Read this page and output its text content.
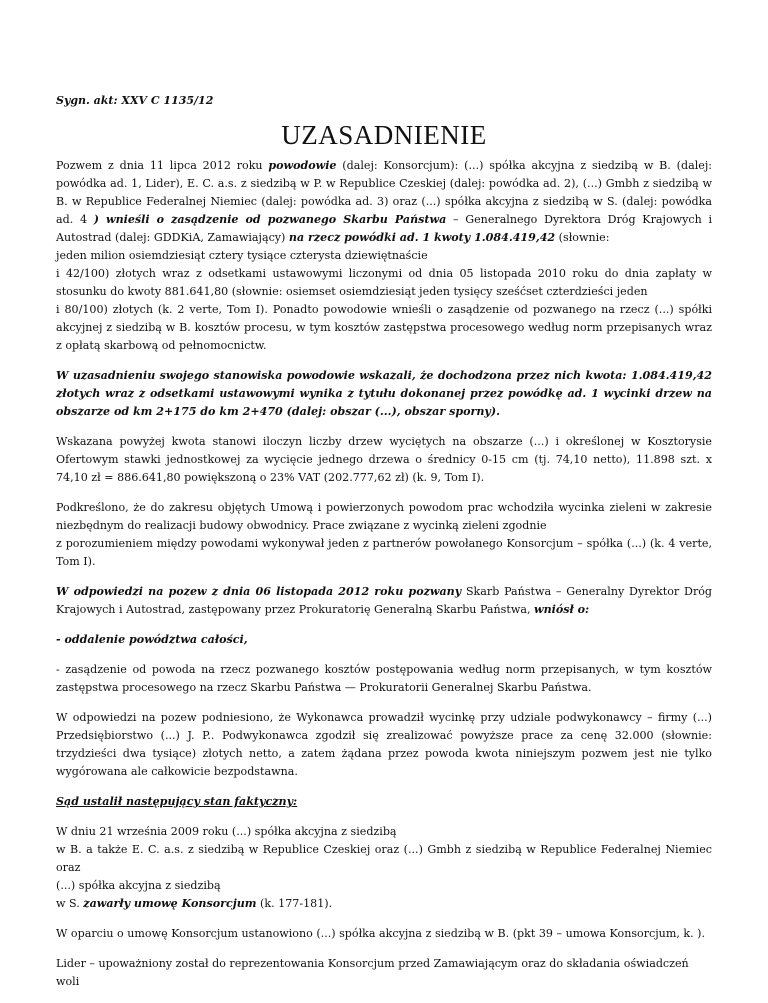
Sygn. akt: XXV C 1135/12
UZASADNIENIE

Pozwem z dnia 11 lipca 2012 roku powodowie (dalej: Konsorcjum): (...) spółka akcyjna z siedzibą w B. (dalej: powódka ad. 1, Lider), E. C. a.s. z siedzibą w P. w Republice Czeskiej (dalej: powódka ad. 2), (...) Gmbh z siedzibą w B. w Republice Federalnej Niemiec (dalej: powódka ad. 3) oraz (...) spółka akcyjna z siedzibą w S. (dalej: powódka ad. 4 ) wnieśli o zasądzenie od pozwanego Skarbu Państwa – Generalnego Dyrektora Dróg Krajowych i Autostrad (dalej: GDDKiA, Zamawiający) na rzecz powódki ad. 1 kwoty 1.084.419,42 (słownie:
jeden milion osiemdziesiąt cztery tysiące czterysta dziewiętnaście
i 42/100) złotych wraz z odsetkami ustawowymi liczonymi od dnia 05 listopada 2010 roku do dnia zapłaty w stosunku do kwoty 881.641,80 (słownie: osiemset osiemdziesiąt jeden tysięcy sześćset czterdzieści jeden
i 80/100) złotych (k. 2 verte, Tom I). Ponadto powodowie wnieśli o zasądzenie od pozwanego na rzecz (...) spółki akcyjnej z siedzibą w B. kosztów procesu, w tym kosztów zastępstwa procesowego według norm przepisanych wraz z opłatą skarbową od pełnomocnictw.

W uzasadnieniu swojego stanowiska powodowie wskazali, że dochodzona przez nich kwota: 1.084.419,42 złotych wraz z odsetkami ustawowymi wynika z tytułu dokonanej przez powódkę ad. 1 wycinki drzew na obszarze od km 2+175 do km 2+470 (dalej: obszar (...), obszar sporny).

Wskazana powyżej kwota stanowi iloczyn liczby drzew wyciętych na obszarze (...) i określonej w Kosztorysie Ofertowym stawki jednostkowej za wycięcie jednego drzewa o średnicy 0-15 cm (tj. 74,10 netto), 11.898 szt. x 74,10 zł = 886.641,80 powiększoną o 23% VAT (202.777,62 zł) (k. 9, Tom I).

Podkreślono, że do zakresu objętych Umową i powierzonych powodom prac wchodziła wycinka zieleni w zakresie niezbędnym do realizacji budowy obwodnicy. Prace związane z wycinką zieleni zgodnie
z porozumieniem między powodami wykonywał jeden z partnerów powołanego Konsorcjum – spółka (...) (k. 4 verte, Tom I).

W odpowiedzi na pozew z dnia 06 listopada 2012 roku pozwany Skarb Państwa – Generalny Dyrektor Dróg Krajowych i Autostrad, zastępowany przez Prokuratorię Generalną Skarbu Państwa, wniósł o:

- oddalenie powództwa całości,

- zasądzenie od powoda na rzecz pozwanego kosztów postępowania według norm przepisanych, w tym kosztów zastępstwa procesowego na rzecz Skarbu Państwa — Prokuratorii Generalnej Skarbu Państwa.

W odpowiedzi na pozew podniesiono, że Wykonawca prowadził wycinkę przy udziale podwykonawcy – firmy (...) Przedsiębiorstwo (...) J. P.. Podwykonawca zgodził się zrealizować powyższe prace za cenę 32.000 (słownie: trzydzieści dwa tysiące) złotych netto, a zatem żądana przez powoda kwota niniejszym pozwem jest nie tylko wygórowana ale całkowicie bezpodstawna.

Sąd ustalił następujący stan faktyczny:

W dniu 21 września 2009 roku (...) spółka akcyjna z siedzibą
w B. a także E. C. a.s. z siedzibą w Republice Czeskiej oraz (...) Gmbh z siedzibą w Republice Federalnej Niemiec oraz
(...) spółka akcyjna z siedzibą
w S. zawarły umowę Konsorcjum (k. 177-181).

W oparciu o umowę Konsorcjum ustanowiono (...) spółka akcyjna z siedzibą w B. (pkt 39 – umowa Konsorcjum, k. ).

Lider – upoważniony został do reprezentowania Konsorcjum przed Zamawiającym oraz do składania oświadczeń woli
